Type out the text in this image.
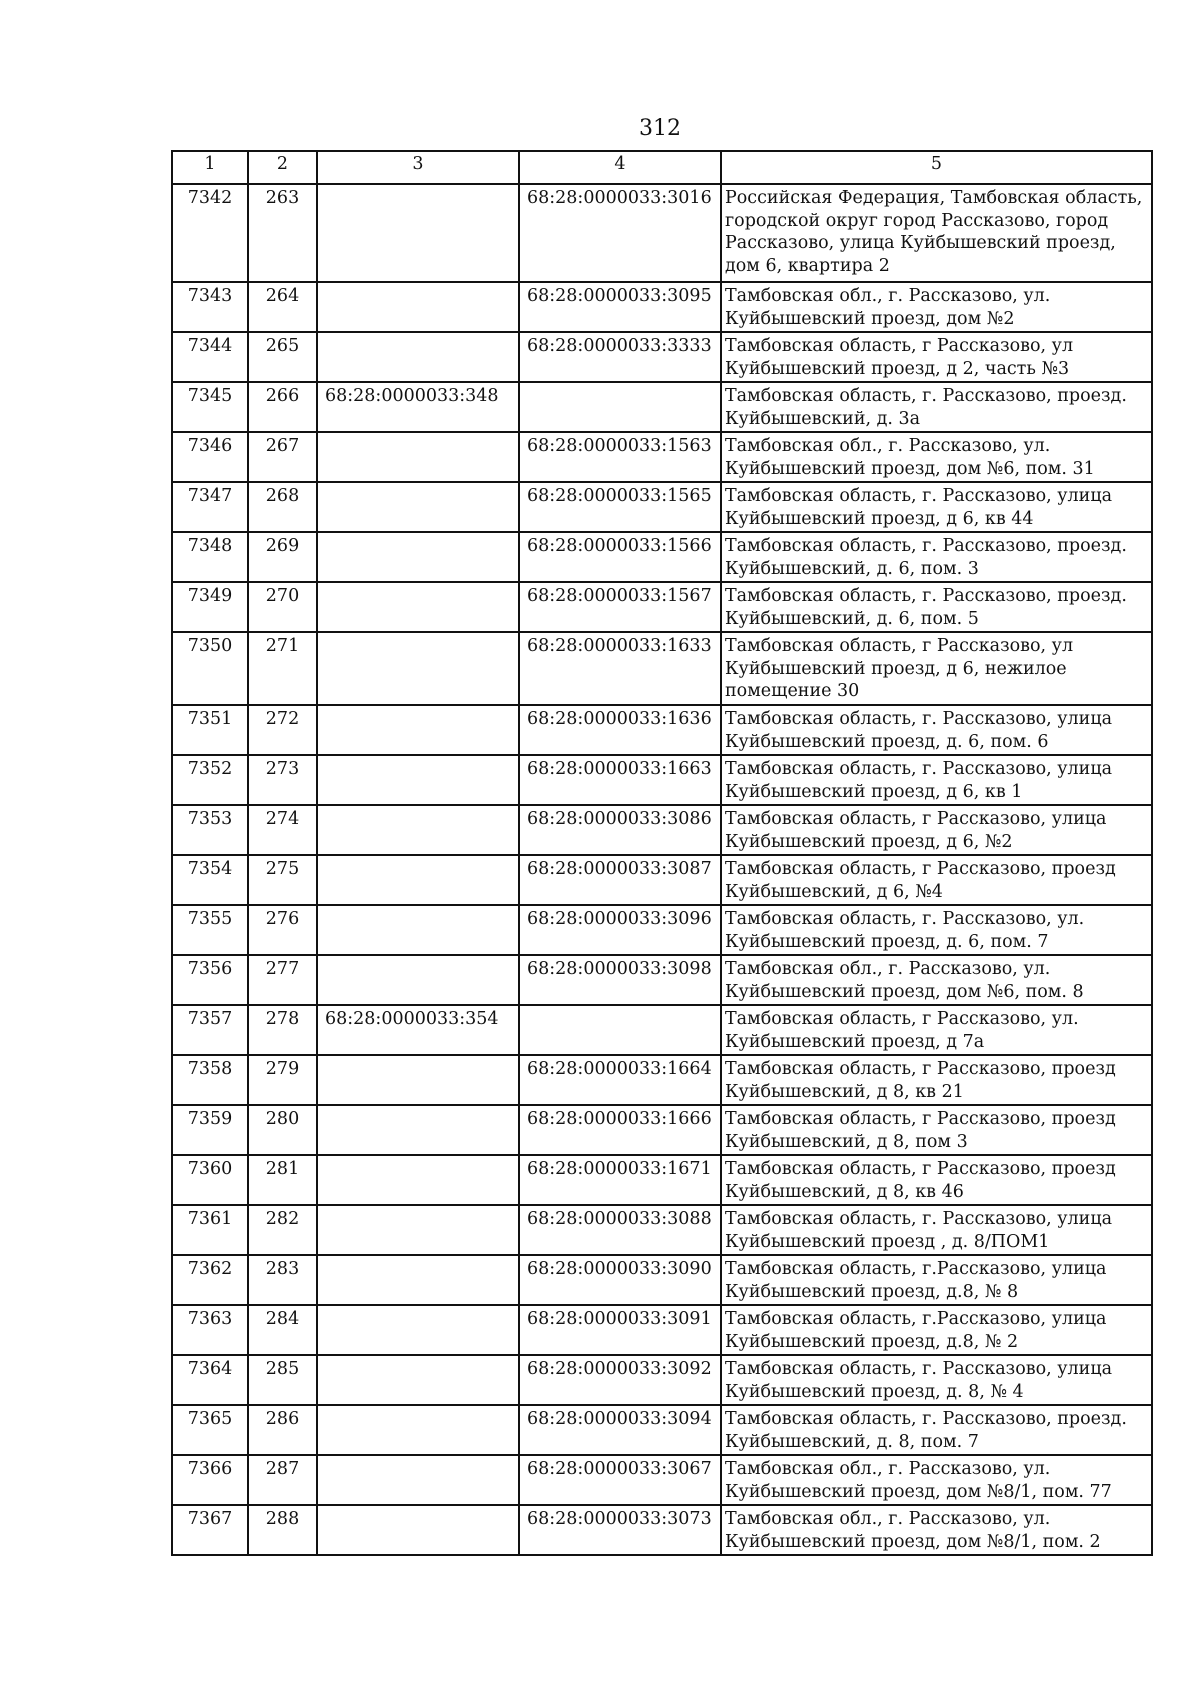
312
1	2	3	4	5
7342	263		68:28:0000033:3016	Российская Федерация, Тамбовская область, городской округ город Рассказово, город Рассказово, улица Куйбышевский проезд, дом 6, квартира 2
7343	264		68:28:0000033:3095	Тамбовская обл., г. Рассказово, ул. Куйбышевский проезд, дом №2
7344	265		68:28:0000033:3333	Тамбовская область, г Рассказово, ул Куйбышевский проезд, д 2, часть №3
7345	266	68:28:0000033:348		Тамбовская область, г. Рассказово, проезд. Куйбышевский, д. 3а
7346	267		68:28:0000033:1563	Тамбовская обл., г. Рассказово, ул. Куйбышевский проезд, дом №6, пом. 31
7347	268		68:28:0000033:1565	Тамбовская область, г. Рассказово, улица Куйбышевский проезд, д 6, кв 44
7348	269		68:28:0000033:1566	Тамбовская область, г. Рассказово, проезд. Куйбышевский, д. 6, пом. 3
7349	270		68:28:0000033:1567	Тамбовская область, г. Рассказово, проезд. Куйбышевский, д. 6, пом. 5
7350	271		68:28:0000033:1633	Тамбовская область, г Рассказово, ул Куйбышевский проезд, д 6, нежилое помещение 30
7351	272		68:28:0000033:1636	Тамбовская область, г. Рассказово, улица Куйбышевский проезд, д. 6, пом. 6
7352	273		68:28:0000033:1663	Тамбовская область, г. Рассказово, улица Куйбышевский проезд, д 6, кв 1
7353	274		68:28:0000033:3086	Тамбовская область, г Рассказово, улица Куйбышевский проезд, д 6, №2
7354	275		68:28:0000033:3087	Тамбовская область, г Рассказово, проезд Куйбышевский, д 6, №4
7355	276		68:28:0000033:3096	Тамбовская область, г. Рассказово, ул. Куйбышевский проезд, д. 6, пом. 7
7356	277		68:28:0000033:3098	Тамбовская обл., г. Рассказово, ул. Куйбышевский проезд, дом №6, пом. 8
7357	278	68:28:0000033:354		Тамбовская область, г Рассказово, ул. Куйбышевский проезд, д 7а
7358	279		68:28:0000033:1664	Тамбовская область, г Рассказово, проезд Куйбышевский, д 8, кв 21
7359	280		68:28:0000033:1666	Тамбовская область, г Рассказово, проезд Куйбышевский, д 8, пом 3
7360	281		68:28:0000033:1671	Тамбовская область, г Рассказово, проезд Куйбышевский, д 8, кв 46
7361	282		68:28:0000033:3088	Тамбовская область, г. Рассказово, улица Куйбышевский проезд , д. 8/ПОМ1
7362	283		68:28:0000033:3090	Тамбовская область, г.Рассказово, улица Куйбышевский проезд, д.8, № 8
7363	284		68:28:0000033:3091	Тамбовская область, г.Рассказово, улица Куйбышевский проезд, д.8, № 2
7364	285		68:28:0000033:3092	Тамбовская область, г. Рассказово, улица Куйбышевский проезд, д. 8, № 4
7365	286		68:28:0000033:3094	Тамбовская область, г. Рассказово, проезд. Куйбышевский, д. 8, пом. 7
7366	287		68:28:0000033:3067	Тамбовская обл., г. Рассказово, ул. Куйбышевский проезд, дом №8/1, пом. 77
7367	288		68:28:0000033:3073	Тамбовская обл., г. Рассказово, ул. Куйбышевский проезд, дом №8/1, пом. 2
